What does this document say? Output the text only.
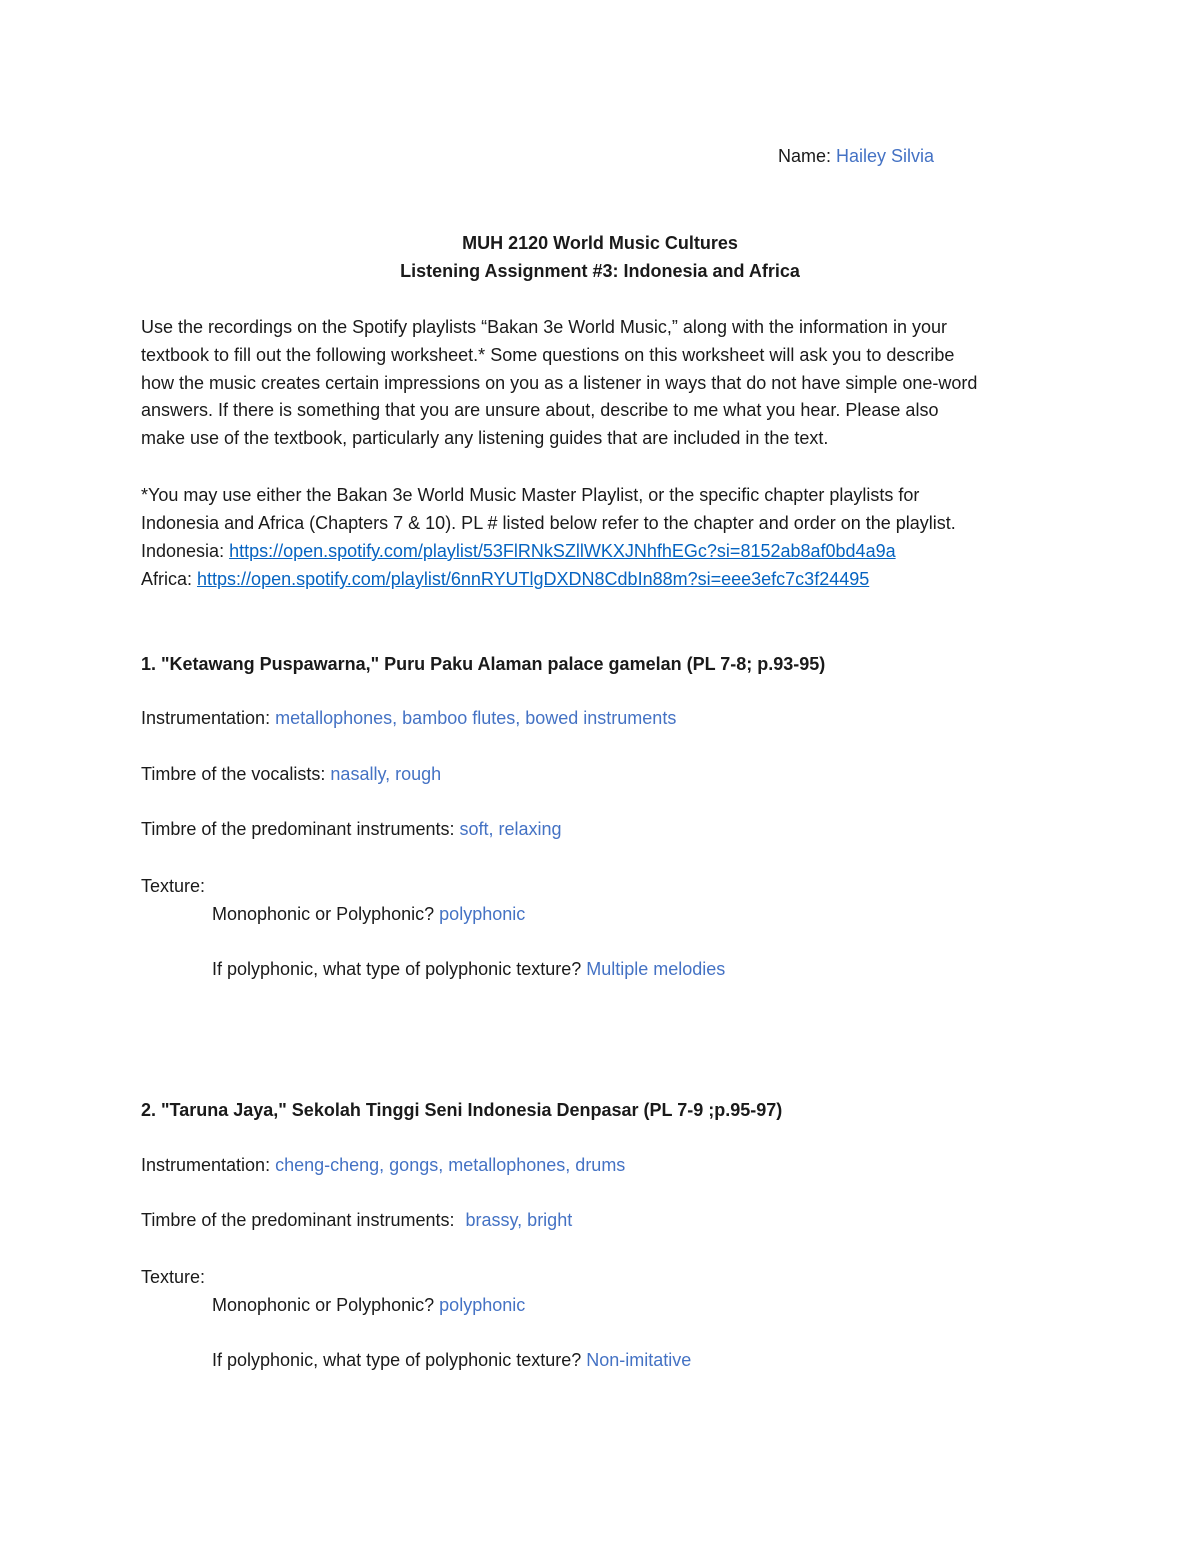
Name: Hailey Silvia
MUH 2120 World Music Cultures
Listening Assignment #3: Indonesia and Africa
Use the recordings on the Spotify playlists “Bakan 3e World Music,” along with the information in your
textbook to fill out the following worksheet.* Some questions on this worksheet will ask you to describe
how the music creates certain impressions on you as a listener in ways that do not have simple one-word
answers. If there is something that you are unsure about, describe to me what you hear. Please also
make use of the textbook, particularly any listening guides that are included in the text.
*You may use either the Bakan 3e World Music Master Playlist, or the specific chapter playlists for
Indonesia and Africa (Chapters 7 & 10). PL # listed below refer to the chapter and order on the playlist.
Indonesia: https://open.spotify.com/playlist/53FlRNkSZllWKXJNhfhEGc?si=8152ab8af0bd4a9a
Africa: https://open.spotify.com/playlist/6nnRYUTlgDXDN8CdbIn88m?si=eee3efc7c3f24495
1. "Ketawang Puspawarna," Puru Paku Alaman palace gamelan (PL 7-8; p.93-95)
Instrumentation: metallophones, bamboo flutes, bowed instruments
Timbre of the vocalists: nasally, rough
Timbre of the predominant instruments: soft, relaxing
Texture:
Monophonic or Polyphonic? polyphonic
If polyphonic, what type of polyphonic texture? Multiple melodies
2. "Taruna Jaya," Sekolah Tinggi Seni Indonesia Denpasar (PL 7-9 ;p.95-97)
Instrumentation: cheng-cheng, gongs, metallophones, drums
Timbre of the predominant instruments: brassy, bright
Texture:
Monophonic or Polyphonic? polyphonic
If polyphonic, what type of polyphonic texture? Non-imitative
